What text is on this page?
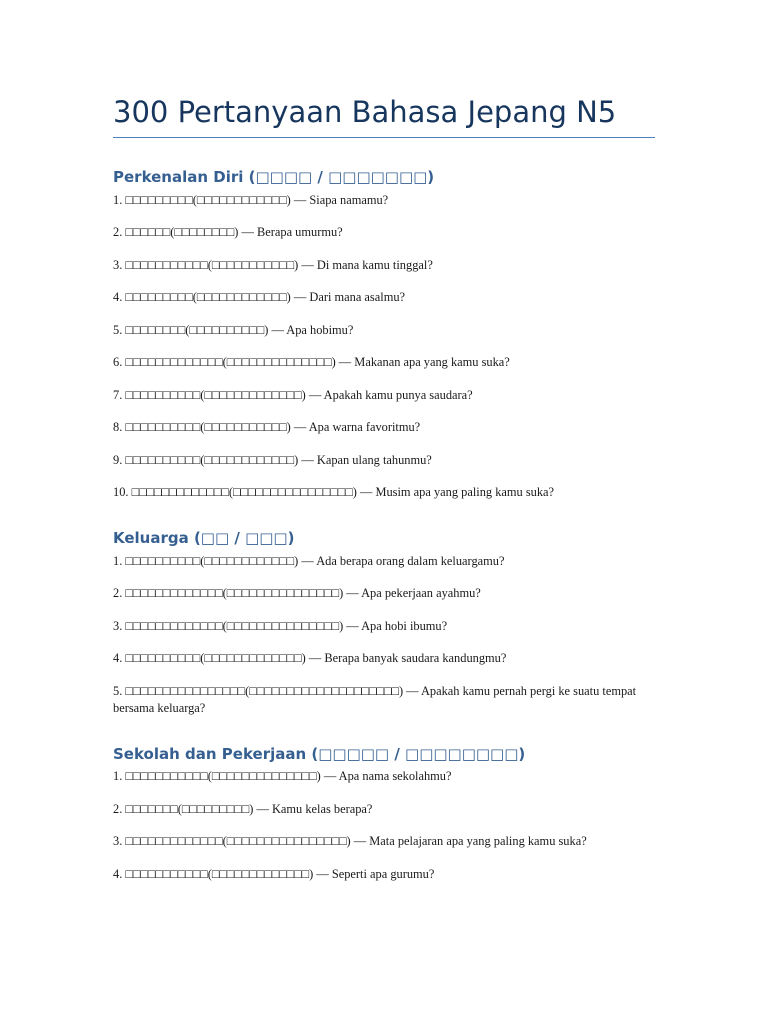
300 Pertanyaan Bahasa Jepang N5
Perkenalan Diri (□□□□ / □□□□□□□)
1. □□□□□□□□□(□□□□□□□□□□□□) — Siapa namamu?
2. □□□□□□(□□□□□□□□) — Berapa umurmu?
3. □□□□□□□□□□□(□□□□□□□□□□□) — Di mana kamu tinggal?
4. □□□□□□□□□(□□□□□□□□□□□□) — Dari mana asalmu?
5. □□□□□□□□(□□□□□□□□□□) — Apa hobimu?
6. □□□□□□□□□□□□□(□□□□□□□□□□□□□□) — Makanan apa yang kamu suka?
7. □□□□□□□□□□(□□□□□□□□□□□□□) — Apakah kamu punya saudara?
8. □□□□□□□□□□(□□□□□□□□□□□) — Apa warna favoritmu?
9. □□□□□□□□□□(□□□□□□□□□□□□) — Kapan ulang tahunmu?
10. □□□□□□□□□□□□□(□□□□□□□□□□□□□□□□) — Musim apa yang paling kamu suka?
Keluarga (□□ / □□□)
1. □□□□□□□□□□(□□□□□□□□□□□□) — Ada berapa orang dalam keluargamu?
2. □□□□□□□□□□□□□(□□□□□□□□□□□□□□□) — Apa pekerjaan ayahmu?
3. □□□□□□□□□□□□□(□□□□□□□□□□□□□□□) — Apa hobi ibumu?
4. □□□□□□□□□□(□□□□□□□□□□□□□) — Berapa banyak saudara kandungmu?
5. □□□□□□□□□□□□□□□□(□□□□□□□□□□□□□□□□□□□□) — Apakah kamu pernah pergi ke suatu tempat bersama keluarga?
Sekolah dan Pekerjaan (□□□□□ / □□□□□□□□)
1. □□□□□□□□□□□(□□□□□□□□□□□□□□) — Apa nama sekolahmu?
2. □□□□□□□(□□□□□□□□□) — Kamu kelas berapa?
3. □□□□□□□□□□□□□(□□□□□□□□□□□□□□□□) — Mata pelajaran apa yang paling kamu suka?
4. □□□□□□□□□□□(□□□□□□□□□□□□□) — Seperti apa gurumu?
